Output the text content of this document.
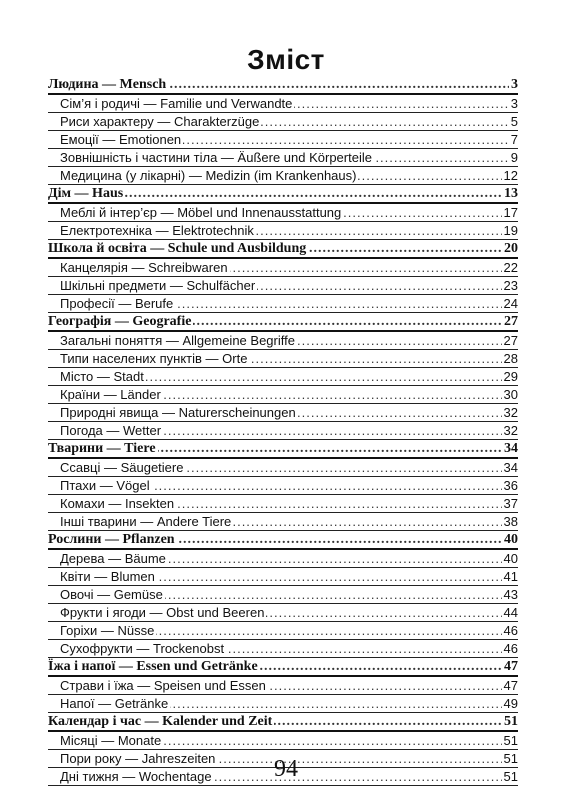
Зміст
.....
Людина — Mensch	3
.....
Сім’я і родичі — Familie und Verwandte	3
.....
Риси характеру — Charakterzüge	5
.....
Емоції — Emotionen	7
.....
Зовнішність і частини тіла — Äußere und Körperteile	9
.....
Медицина (у лікарні) — Medizin (im Krankenhaus)	12
.....
Дім — Haus	13
.....
Меблі й інтер’єр — Möbel und Innenausstattung	17
.....
Електротехніка — Elektrotechnik	19
.....
Школа й освіта — Schule und Ausbildung	20
.....
Канцелярія — Schreibwaren	22
.....
Шкільні предмети — Schulfächer	23
.....
Професії — Berufe	24
.....
Географія — Geografie	27
.....
Загальні поняття — Allgemeine Begriffe	27
.....
Типи населених пунктів — Orte	28
.....
Місто — Stadt	29
.....
Країни — Länder	30
.....
Природні явища — Naturerscheinungen	32
.....
Погода — Wetter	32
.....
Тварини — Tiere	34
.....
Ссавці — Säugetiere	34
.....
Птахи — Vögel	36
.....
Комахи — Insekten	37
.....
Інші тварини — Andere Tiere	38
.....
Рослини — Pflanzen	40
.....
Дерева — Bäume	40
.....
Квіти — Blumen	41
.....
Овочі — Gemüse	43
.....
Фрукти і ягоди — Obst und Beeren	44
.....
Горіхи — Nüsse	46
.....
Сухофрукти — Trockenobst	46
.....
Їжа і напої — Essen und Getränke	47
.....
Страви і їжа — Speisen und Essen	47
.....
Напої — Getränke	49
.....
Календар і час — Kalender und Zeit	51
.....
Місяці — Monate	51
.....
Пори року — Jahreszeiten	51
.....
Дні тижня — Wochentage	51
94
